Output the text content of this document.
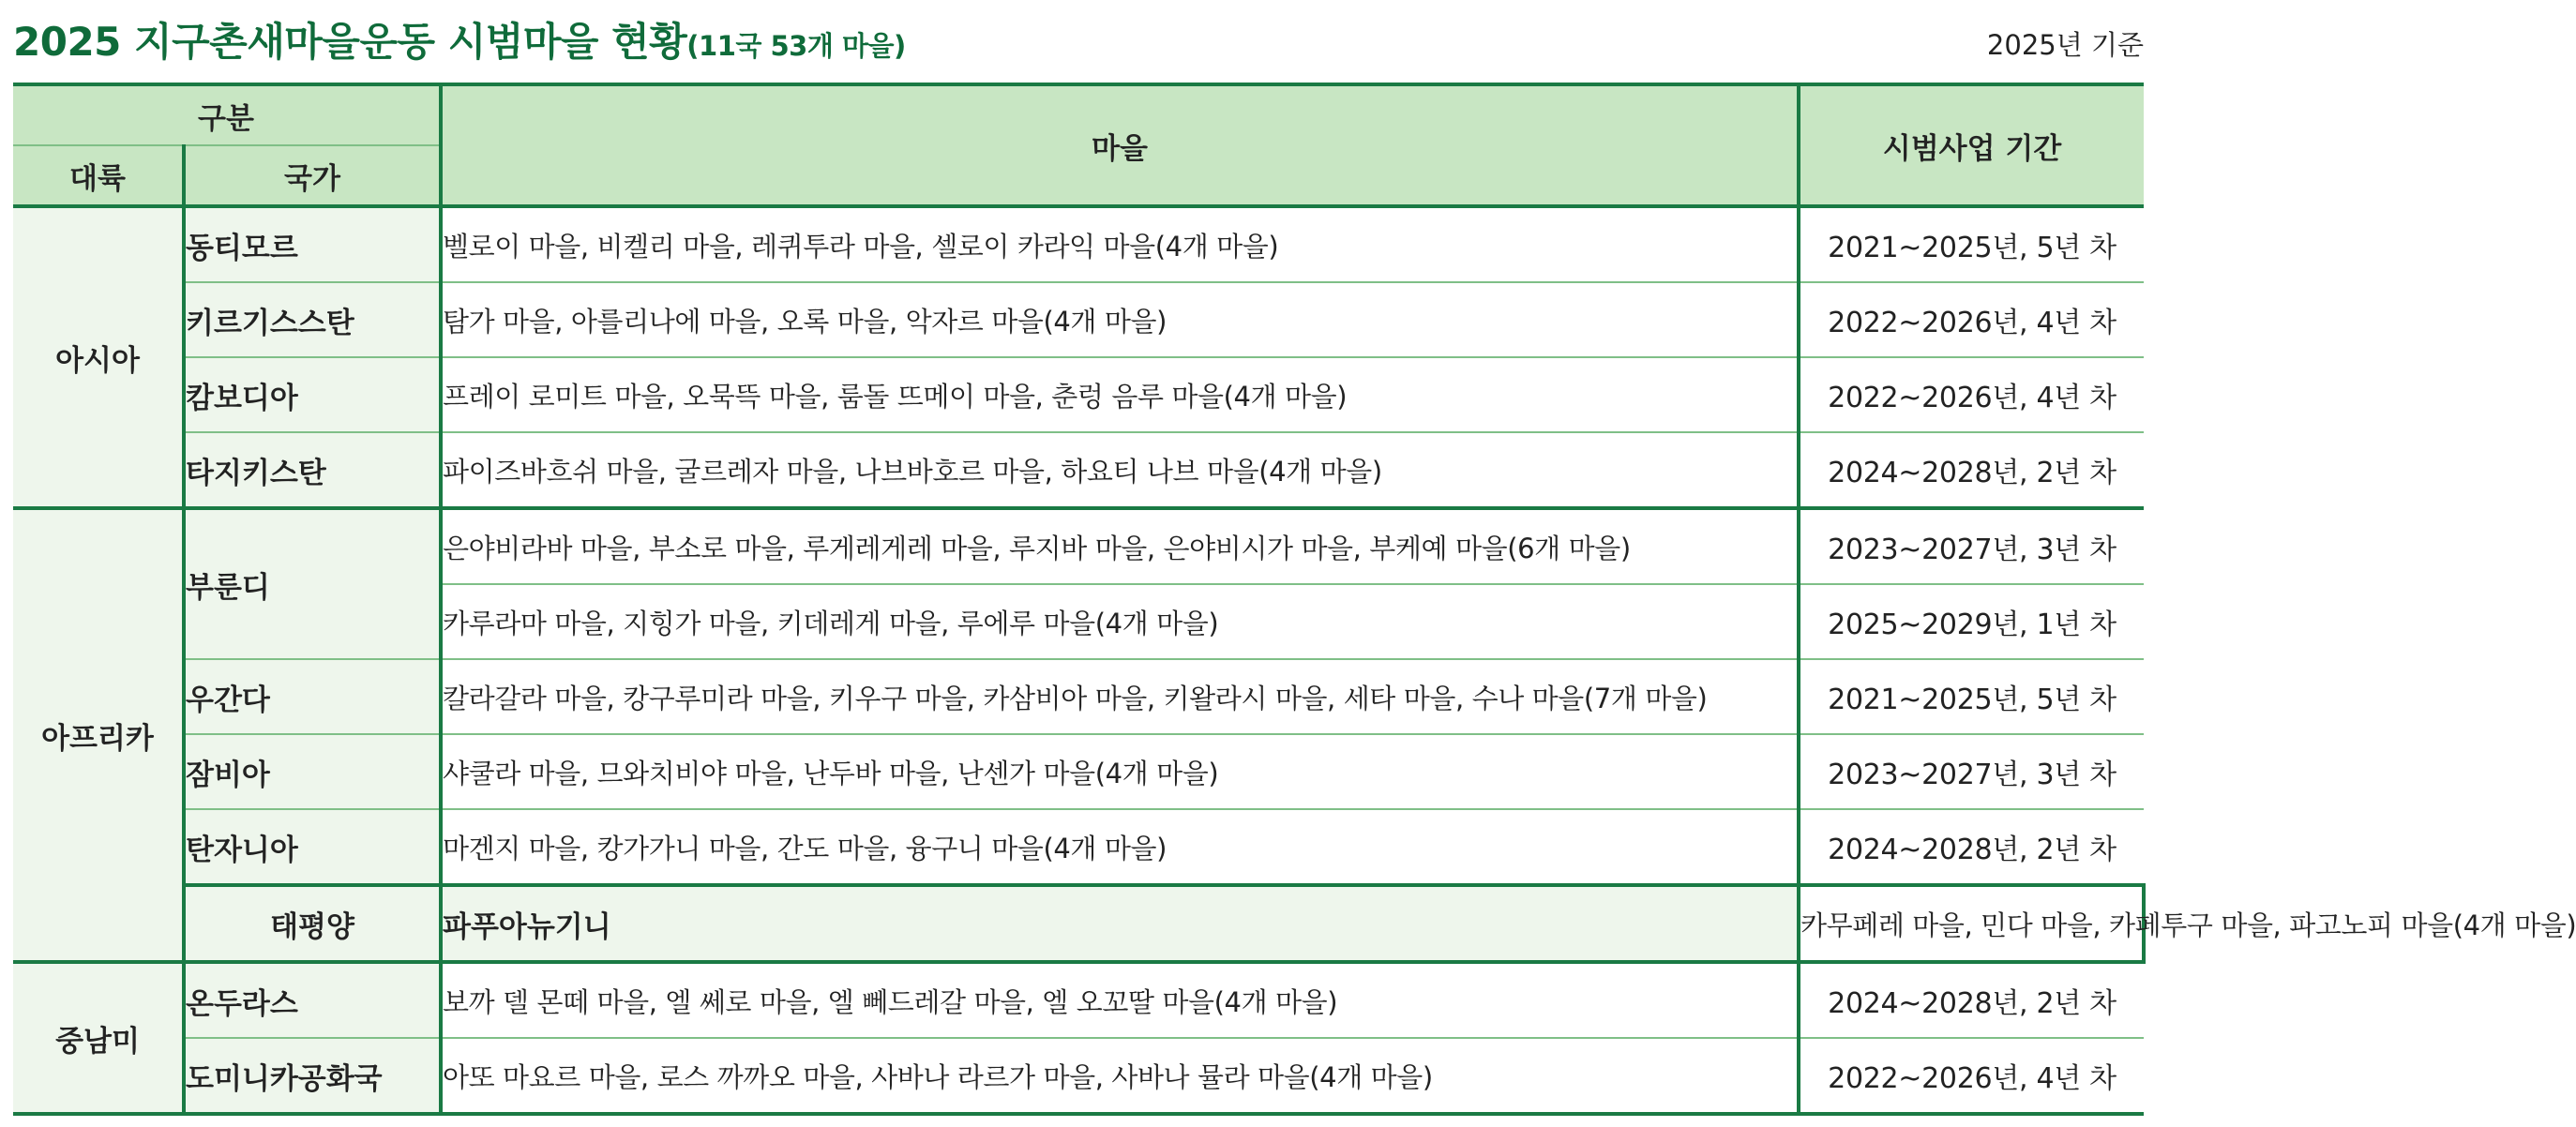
2025 지구촌새마을운동 시범마을 현황(11국 53개 마을)	2025년 기준
구분		마을	시범사업 기간	
대륙	국가			
아시아	동티모르	벨로이 마을, 비켈리 마을, 레퀴투라 마을, 셀로이 카라익 마을(4개 마을)	2021~2025년, 5년 차	
	키르기스스탄	탐가 마을, 아를리나에 마을, 오록 마을, 악자르 마을(4개 마을)	2022~2026년, 4년 차	
	캄보디아	프레이 로미트 마을, 오묵뜩 마을, 룸돌 뜨메이 마을, 춘렁 음루 마을(4개 마을)	2022~2026년, 4년 차	
	타지키스탄	파이즈바흐쉬 마을, 굴르레자 마을, 나브바호르 마을, 하요티 나브 마을(4개 마을)	2024~2028년, 2년 차	
아프리카	부룬디	은야비라바 마을, 부소로 마을, 루게레게레 마을, 루지바 마을, 은야비시가 마을, 부케예 마을(6개 마을)	2023~2027년, 3년 차	
		카루라마 마을, 지힝가 마을, 키데레게 마을, 루에루 마을(4개 마을)	2025~2029년, 1년 차	
	우간다	칼라갈라 마을, 캉구루미라 마을, 키우구 마을, 카삼비아 마을, 키왈라시 마을, 세타 마을, 수나 마을(7개 마을)	2021~2025년, 5년 차	
	잠비아	샤쿨라 마을, 므와치비야 마을, 난두바 마을, 난센가 마을(4개 마을)	2023~2027년, 3년 차	
	탄자니아	마겐지 마을, 캉가가니 마을, 간도 마을, 융구니 마을(4개 마을)	2024~2028년, 2년 차	
	태평양	파푸아뉴기니	카무페레 마을, 민다 마을, 카페투구 마을, 파고노피 마을(4개 마을)	
중남미	온두라스	보까 델 몬떼 마을, 엘 쎄로 마을, 엘 뻬드레갈 마을, 엘 오꼬딸 마을(4개 마을)	2024~2028년, 2년 차	
	도미니카공화국	아또 마요르 마을, 로스 까까오 마을, 사바나 라르가 마을, 사바나 뮬라 마을(4개 마을)	2022~2026년, 4년 차	
